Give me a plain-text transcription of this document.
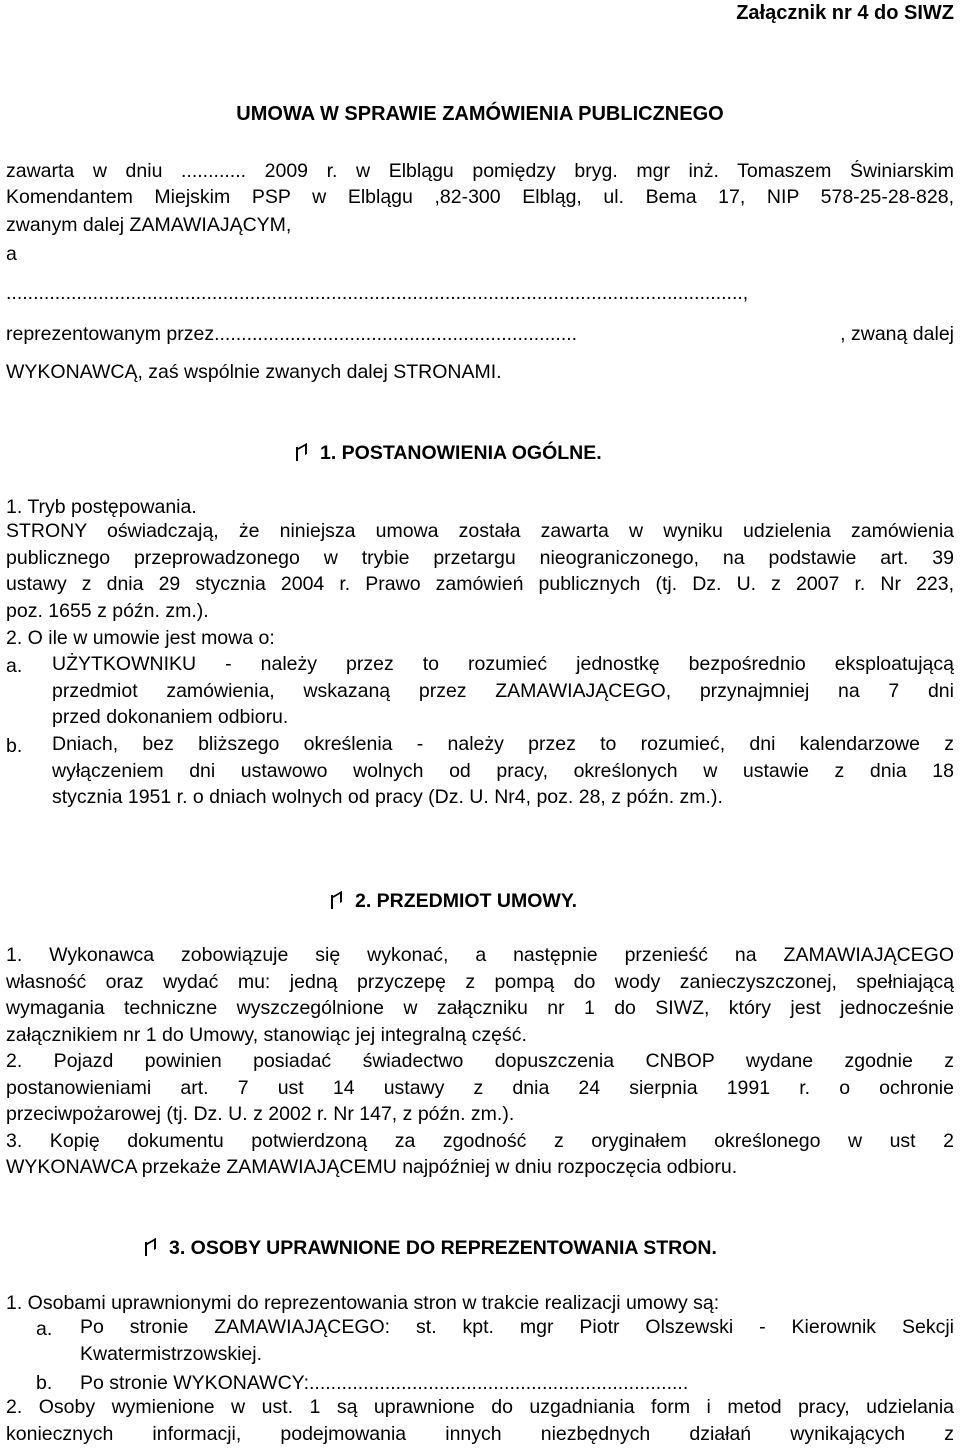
Załącznik nr 4 do SIWZ
UMOWA W SPRAWIE ZAMÓWIENIA PUBLICZNEGO
zawarta w dniu ............ 2009 r. w Elblągu pomiędzy bryg. mgr inż. Tomaszem Świniarskim
Komendantem Miejskim PSP w Elblągu ,82-300 Elbląg, ul. Bema 17, NIP 578-25-28-828,
zwanym dalej ZAMAWIAJĄCYM,
a
........................................................................................................................................,
reprezentowanym przez...................................................................	, zwaną dalej
WYKONAWCĄ, zaś wspólnie zwanych dalej STRONAMI.
1. POSTANOWIENIA OGÓLNE.
1. Tryb postępowania.
STRONY oświadczają, że niniejsza umowa została zawarta w wyniku udzielenia zamówienia
publicznego przeprowadzonego w trybie przetargu nieograniczonego, na podstawie art. 39
ustawy z dnia 29 stycznia 2004 r. Prawo zamówień publicznych (tj. Dz. U. z 2007 r. Nr 223,
poz. 1655 z późn. zm.).
2. O ile w umowie jest mowa o:
a. UŻYTKOWNIKU - należy przez to rozumieć jednostkę bezpośrednio eksploatującą
przedmiot zamówienia, wskazaną przez ZAMAWIAJĄCEGO, przynajmniej na 7 dni
przed dokonaniem odbioru.
b. Dniach, bez bliższego określenia - należy przez to rozumieć, dni kalendarzowe z
wyłączeniem dni ustawowo wolnych od pracy, określonych w ustawie z dnia 18
stycznia 1951 r. o dniach wolnych od pracy (Dz. U. Nr4, poz. 28, z późn. zm.).
2. PRZEDMIOT UMOWY.
1. Wykonawca zobowiązuje się wykonać, a następnie przenieść na ZAMAWIAJĄCEGO
własność oraz wydać mu: jedną przyczepę z pompą do wody zanieczyszczonej, spełniającą
wymagania techniczne wyszczególnione w załączniku nr 1 do SIWZ, który jest jednocześnie
załącznikiem nr 1 do Umowy, stanowiąc jej integralną część.
2. Pojazd powinien posiadać świadectwo dopuszczenia CNBOP wydane zgodnie z
postanowieniami art. 7 ust 14 ustawy z dnia 24 sierpnia 1991 r. o ochronie
przeciwpożarowej (tj. Dz. U. z 2002 r. Nr 147, z późn. zm.).
3. Kopię dokumentu potwierdzoną za zgodność z oryginałem określonego w ust 2
WYKONAWCA przekaże ZAMAWIAJĄCEMU najpóźniej w dniu rozpoczęcia odbioru.
3. OSOBY UPRAWNIONE DO REPREZENTOWANIA STRON.
1. Osobami uprawnionymi do reprezentowania stron w trakcie realizacji umowy są:
a. Po stronie ZAMAWIAJĄCEGO: st. kpt. mgr Piotr Olszewski - Kierownik Sekcji
Kwatermistrzowskiej.
b. Po stronie WYKONAWCY:......................................................................
2. Osoby wymienione w ust. 1 są uprawnione do uzgadniania form i metod pracy, udzielania
koniecznych informacji, podejmowania innych niezbędnych działań wynikających z
